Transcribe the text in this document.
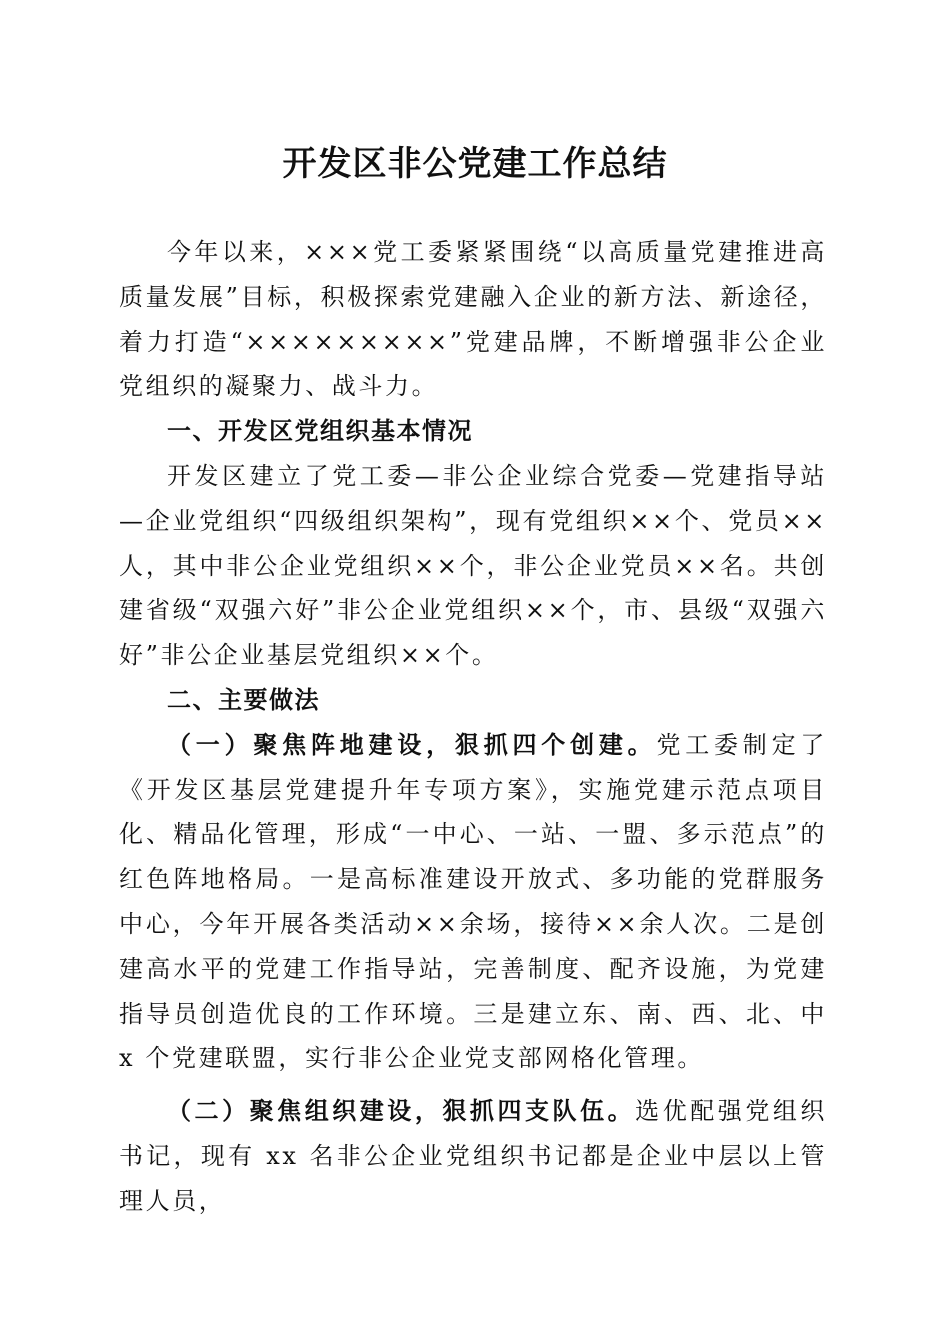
开发区非公党建工作总结

今年以来，×××党工委紧紧围绕“以高质量党建推进高质量发展”目标，积极探索党建融入企业的新方法、新途径，着力打造“×××××××××”党建品牌，不断增强非公企业党组织的凝聚力、战斗力。

一、开发区党组织基本情况

开发区建立了党工委—非公企业综合党委—党建指导站—企业党组织“四级组织架构”，现有党组织××个、党员××人，其中非公企业党组织××个，非公企业党员××名。共创建省级“双强六好”非公企业党组织××个，市、县级“双强六好”非公企业基层党组织××个。

二、主要做法

（一）聚焦阵地建设，狠抓四个创建。党工委制定了《开发区基层党建提升年专项方案》，实施党建示范点项目化、精品化管理，形成“一中心、一站、一盟、多示范点”的红色阵地格局。一是高标准建设开放式、多功能的党群服务中心，今年开展各类活动××余场，接待××余人次。二是创建高水平的党建工作指导站，完善制度、配齐设施，为党建指导员创造优良的工作环境。三是建立东、南、西、北、中 x 个党建联盟，实行非公企业党支部网格化管理。

（二）聚焦组织建设，狠抓四支队伍。选优配强党组织书记，现有 xx 名非公企业党组织书记都是企业中层以上管理人员，
